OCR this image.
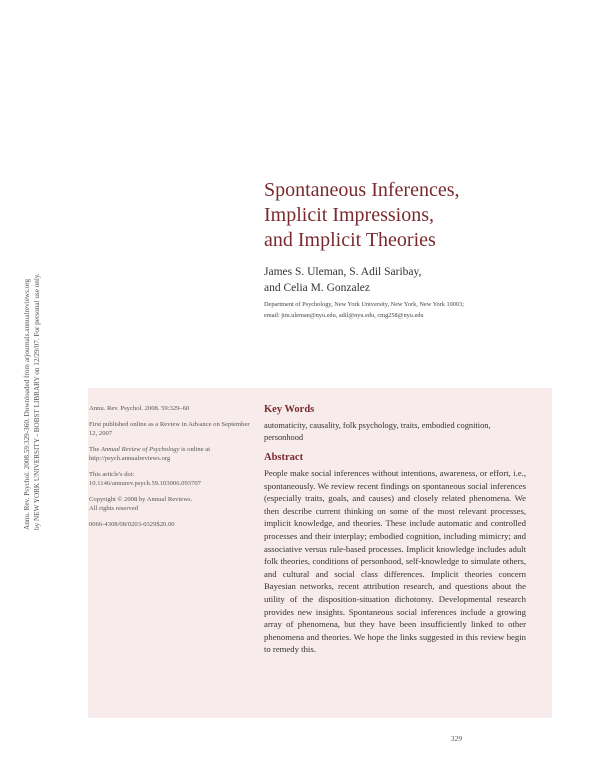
Annu. Rev. Psychol. 2008.59:329-360. Downloaded from arjournals.annualreviews.org by NEW YORK UNIVERSITY - BOBST LIBRARY on 12/29/07. For personal use only.
Spontaneous Inferences,
Implicit Impressions,
and Implicit Theories
James S. Uleman, S. Adil Saribay,
and Celia M. Gonzalez
Department of Psychology, New York University, New York, New York 10003;
email: jim.uleman@nyu.edu, adil@nyu.edu, cmg258@nyu.edu

Annu. Rev. Psychol. 2008. 59:329–60

First published online as a Review in Advance on September 12, 2007

The Annual Review of Psychology is online at
http://psych.annualreviews.org

This article's doi:
10.1146/annurev.psych.59.103006.093707

Copyright © 2008 by Annual Reviews.
All rights reserved

0066-4308/08/0203-0329$20.00

Key Words
automaticity, causality, folk psychology, traits, embodied cognition, personhood
Abstract
People make social inferences without intentions, awareness, or effort, i.e., spontaneously. We review recent findings on spontaneous social inferences (especially traits, goals, and causes) and closely related phenomena. We then describe current thinking on some of the most relevant processes, implicit knowledge, and theories. These include automatic and controlled processes and their interplay; embodied cognition, including mimicry; and associative versus rule-based processes. Implicit knowledge includes adult folk theories, conditions of personhood, self-knowledge to simulate others, and cultural and social class differences. Implicit theories concern Bayesian networks, recent attribution research, and questions about the utility of the disposition-situation dichotomy. Developmental research provides new insights. Spontaneous social inferences include a growing array of phenomena, but they have been insufficiently linked to other phenomena and theories. We hope the links suggested in this review begin to remedy this.
329
